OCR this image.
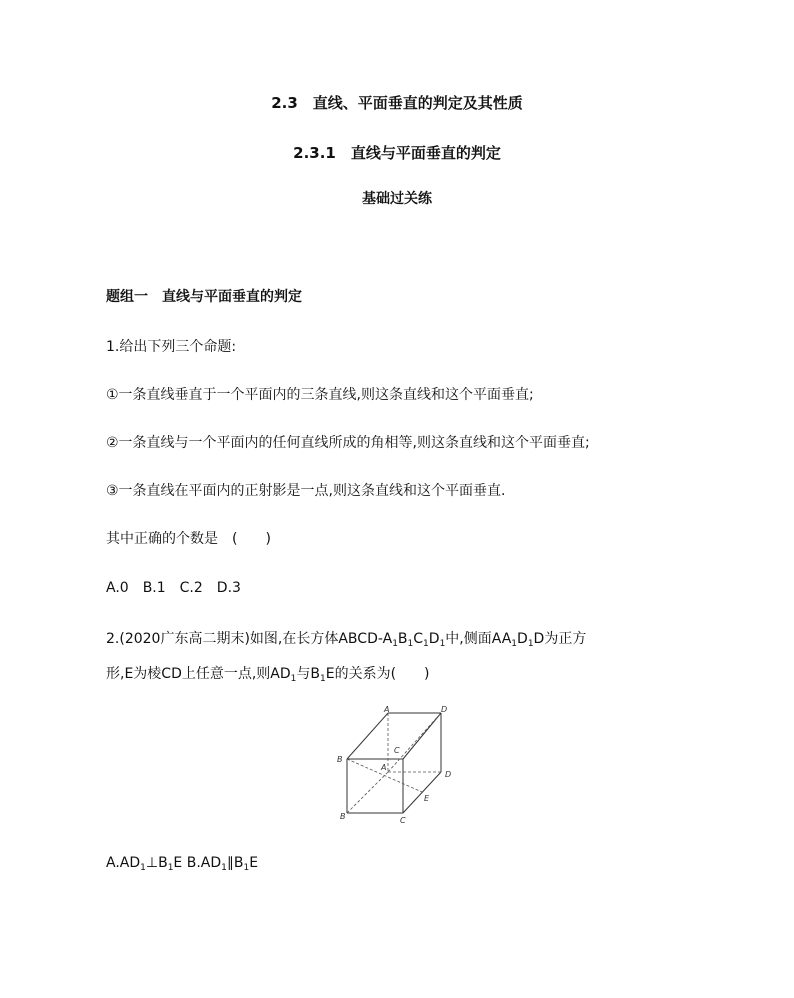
2.3　直线、平面垂直的判定及其性质
2.3.1　直线与平面垂直的判定
基础过关练
题组一　直线与平面垂直的判定
1.给出下列三个命题:
①一条直线垂直于一个平面内的三条直线,则这条直线和这个平面垂直;
②一条直线与一个平面内的任何直线所成的角相等,则这条直线和这个平面垂直;
③一条直线在平面内的正射影是一点,则这条直线和这个平面垂直.
其中正确的个数是　(　　)
A.0　B.1　C.2　D.3
2.(2020广东高二期末)如图,在长方体ABCD-$A_1B_1C_1D_1$中,侧面$AA_1D_1D$为正方
形,E为棱CD上任意一点,则$AD_1$与$B_1E$的关系为(　　)
A	D
B
C
A
D
B	C
E
$A.AD_1\perp B_1E$ $B.AD_1\parallel B_1E$
